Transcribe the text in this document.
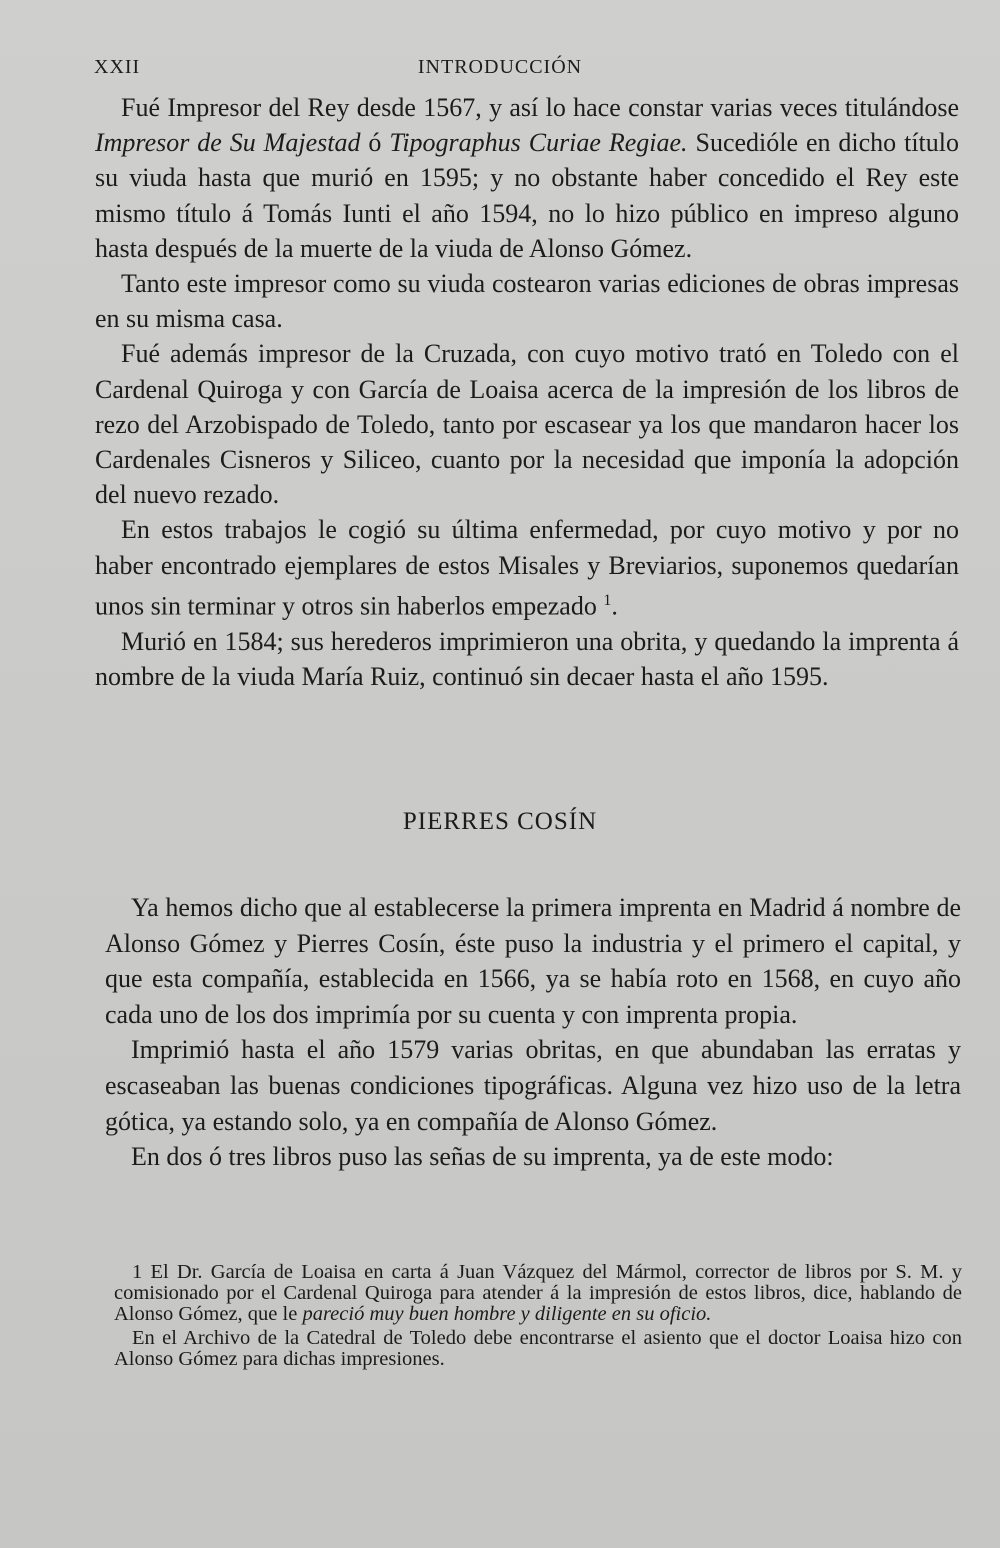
XXII	INTRODUCCIÓN

Fué Impresor del Rey desde 1567, y así lo hace constar varias veces titulándose Impresor de Su Majestad ó Tipographus Curiae Regiae. Sucedióle en dicho título su viuda hasta que murió en 1595; y no obstante haber concedido el Rey este mismo título á Tomás Iunti el año 1594, no lo hizo público en impreso alguno hasta después de la muerte de la viuda de Alonso Gómez.

Tanto este impresor como su viuda costearon varias ediciones de obras impresas en su misma casa.

Fué además impresor de la Cruzada, con cuyo motivo trató en Toledo con el Cardenal Quiroga y con García de Loaisa acerca de la impresión de los libros de rezo del Arzobispado de Toledo, tanto por escasear ya los que mandaron hacer los Cardenales Cisneros y Siliceo, cuanto por la necesidad que imponía la adopción del nuevo rezado.

En estos trabajos le cogió su última enfermedad, por cuyo motivo y por no haber encontrado ejemplares de estos Misales y Breviarios, suponemos quedarían unos sin terminar y otros sin haberlos empezado $^1$.

Murió en 1584; sus herederos imprimieron una obrita, y quedando la imprenta á nombre de la viuda María Ruiz, continuó sin decaer hasta el año 1595.

PIERRES COSÍN

Ya hemos dicho que al establecerse la primera imprenta en Madrid á nombre de Alonso Gómez y Pierres Cosín, éste puso la industria y el primero el capital, y que esta compañía, establecida en 1566, ya se había roto en 1568, en cuyo año cada uno de los dos imprimía por su cuenta y con imprenta propia.

Imprimió hasta el año 1579 varias obritas, en que abundaban las erratas y escaseaban las buenas condiciones tipográficas. Alguna vez hizo uso de la letra gótica, ya estando solo, ya en compañía de Alonso Gómez.

En dos ó tres libros puso las señas de su imprenta, ya de este modo:

1 El Dr. García de Loaisa en carta á Juan Vázquez del Mármol, corrector de libros por S. M. y comisionado por el Cardenal Quiroga para atender á la impresión de estos libros, dice, hablando de Alonso Gómez, que le pareció muy buen hombre y diligente en su oficio.

En el Archivo de la Catedral de Toledo debe encontrarse el asiento que el doctor Loaisa hizo con Alonso Gómez para dichas impresiones.
